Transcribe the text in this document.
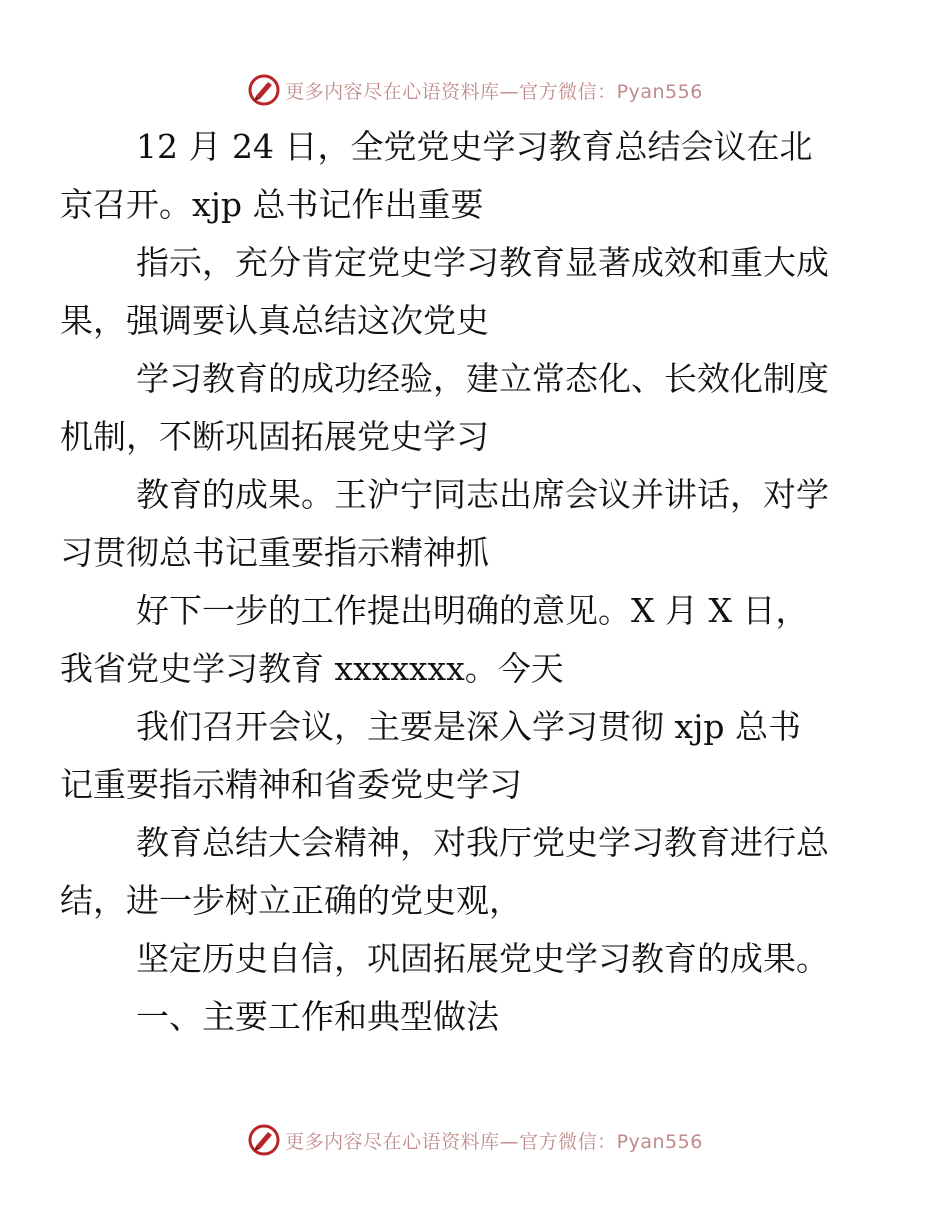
更多内容尽在心语资料库—官方微信：Pyan556

12 月 24 日，全党党史学习教育总结会议在北
京召开。xjp 总书记作出重要

指示，充分肯定党史学习教育显著成效和重大成
果，强调要认真总结这次党史

学习教育的成功经验，建立常态化、长效化制度
机制，不断巩固拓展党史学习

教育的成果。王沪宁同志出席会议并讲话，对学
习贯彻总书记重要指示精神抓

好下一步的工作提出明确的意见。X 月 X 日，
我省党史学习教育 xxxxxxx。今天

我们召开会议，主要是深入学习贯彻 xjp 总书
记重要指示精神和省委党史学习

教育总结大会精神，对我厅党史学习教育进行总
结，进一步树立正确的党史观，

坚定历史自信，巩固拓展党史学习教育的成果。

一、主要工作和典型做法

更多内容尽在心语资料库—官方微信：Pyan556
